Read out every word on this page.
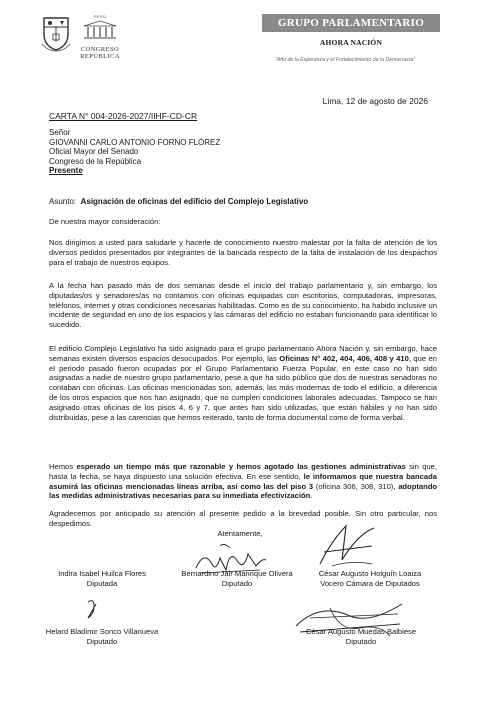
PERÚ
CONGRESO
REPÚBLICA
GRUPO PARLAMENTARIO
AHORA NACIÓN
"Año de la Esperanza y el Fortalecimiento de la Democracia"
Lima, 12 de agosto de 2026
CARTA N° 004-2026-2027/IIHF-CD-CR
Señor
GIOVANNI CARLO ANTONIO FORNO FLÓREZ
Oficial Mayor del Senado
Congreso de la República
Presente
Asunto: Asignación de oficinas del edificio del Complejo Legislativo
De nuestra mayor consideración:
Nos dirigimos a usted para saludarle y hacerle de conocimiento nuestro malestar por la falta de atención de los diversos pedidos presentados por integrantes de la bancada respecto de la falta de instalación de los despachos para el trabajo de nuestros equipos.
A la fecha han pasado más de dos semanas desde el inicio del trabajo parlamentario y, sin embargo, los diputadas/os y senadores/as no contamos con oficinas equipadas con escritorios, computadoras, impresoras, teléfonos, internet y otras condiciones necesarias habilitadas. Como es de su conocimiento, ha habido inclusive un incidente de seguridad en uno de los espacios y las cámaras del edificio no estaban funcionando para identificar lo sucedido.
El edificio Complejo Legislativo ha sido asignado para el grupo parlamentario Ahora Nación y, sin embargo, hace semanas existen diversos espacios desocupados. Por ejemplo, las Oficinas N° 402, 404, 406, 408 y 410, que en el periodo pasado fueron ocupadas por el Grupo Parlamentario Fuerza Popular, en este caso no han sido asignadas a nadie de nuestro grupo parlamentario, pese a que ha sido público que dos de nuestras senadoras no contaban con oficinas. Las oficinas mencionadas son, además, las más modernas de todo el edificio, a diferencia de los otros espacios que nos han asignado, que no cumplen condiciones laborales adecuadas. Tampoco se han asignado otras oficinas de los pisos 4, 6 y 7, que antes han sido utilizadas, que están hábiles y no han sido distribuidas, pese a las carencias que hemos reiterado, tanto de forma documental como de forma verbal.
Hemos esperado un tiempo más que razonable y hemos agotado las gestiones administrativas sin que, hasta la fecha, se haya dispuesto una solución efectiva. En ese sentido, le informamos que nuestra bancada asumirá las oficinas mencionadas líneas arriba, así como las del piso 3 (oficina 306, 308, 310), adoptando las medidas administrativas necesarias para su inmediata efectivización.
Agradecemos por anticipado su atención al presente pedido a la brevedad posible. Sin otro particular, nos despedimos.
Atentamente,
Indira Isabel Huilca Flores
Diputada
Bernardino Jair Manrique Olivera
Diputado
César Augusto Holguín Loaiza
Vocero Cámara de Diputados
Helard Bladimir Sonco Villanueva
Diputado
César Augusto Muedas Balbiese
Diputado
